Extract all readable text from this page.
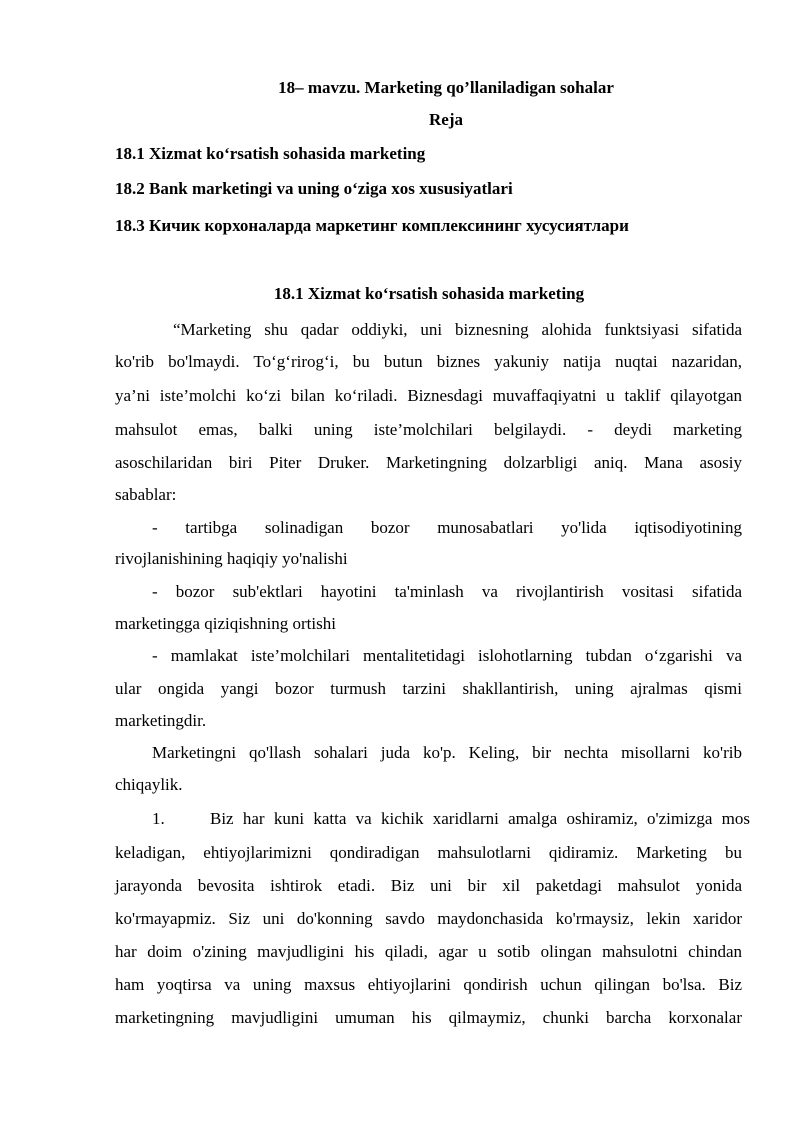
18– mavzu. Marketing qo’llaniladigan sohalar
Reja
18.1 Xizmat ko‘rsatish sohasida marketing
18.2 Bank marketingi va uning o‘ziga xos xususiyatlari
18.3 Кичик корхоналарда маркетинг комплексининг хусусиятлари
18.1 Xizmat ko‘rsatish sohasida marketing
“Marketing shu qadar oddiyki, uni biznesning alohida funktsiyasi sifatida
ko'rib bo'lmaydi. To‘g‘rirog‘i, bu butun biznes yakuniy natija nuqtai nazaridan,
ya’ni iste’molchi ko‘zi bilan ko‘riladi. Biznesdagi muvaffaqiyatni u taklif qilayotgan
mahsulot emas, balki uning iste’molchilari belgilaydi. - deydi marketing
asoschilaridan biri Piter Druker. Marketingning dolzarbligi aniq. Mana asosiy
sabablar:
- tartibga solinadigan bozor munosabatlari yo'lida iqtisodiyotining
rivojlanishining haqiqiy yo'nalishi
- bozor sub'ektlari hayotini ta'minlash va rivojlantirish vositasi sifatida
marketingga qiziqishning ortishi
- mamlakat iste’molchilari mentalitetidagi islohotlarning tubdan o‘zgarishi va
ular ongida yangi bozor turmush tarzini shakllantirish, uning ajralmas qismi
marketingdir.
Marketingni qo'llash sohalari juda ko'p. Keling, bir nechta misollarni ko'rib
chiqaylik.
1.	Biz har kuni katta va kichik xaridlarni amalga oshiramiz, o'zimizga mos
keladigan, ehtiyojlarimizni qondiradigan mahsulotlarni qidiramiz. Marketing bu
jarayonda bevosita ishtirok etadi. Biz uni bir xil paketdagi mahsulot yonida
ko'rmayapmiz. Siz uni do'konning savdo maydonchasida ko'rmaysiz, lekin xaridor
har doim o'zining mavjudligini his qiladi, agar u sotib olingan mahsulotni chindan
ham yoqtirsa va uning maxsus ehtiyojlarini qondirish uchun qilingan bo'lsa. Biz
marketingning mavjudligini umuman his qilmaymiz, chunki barcha korxonalar
